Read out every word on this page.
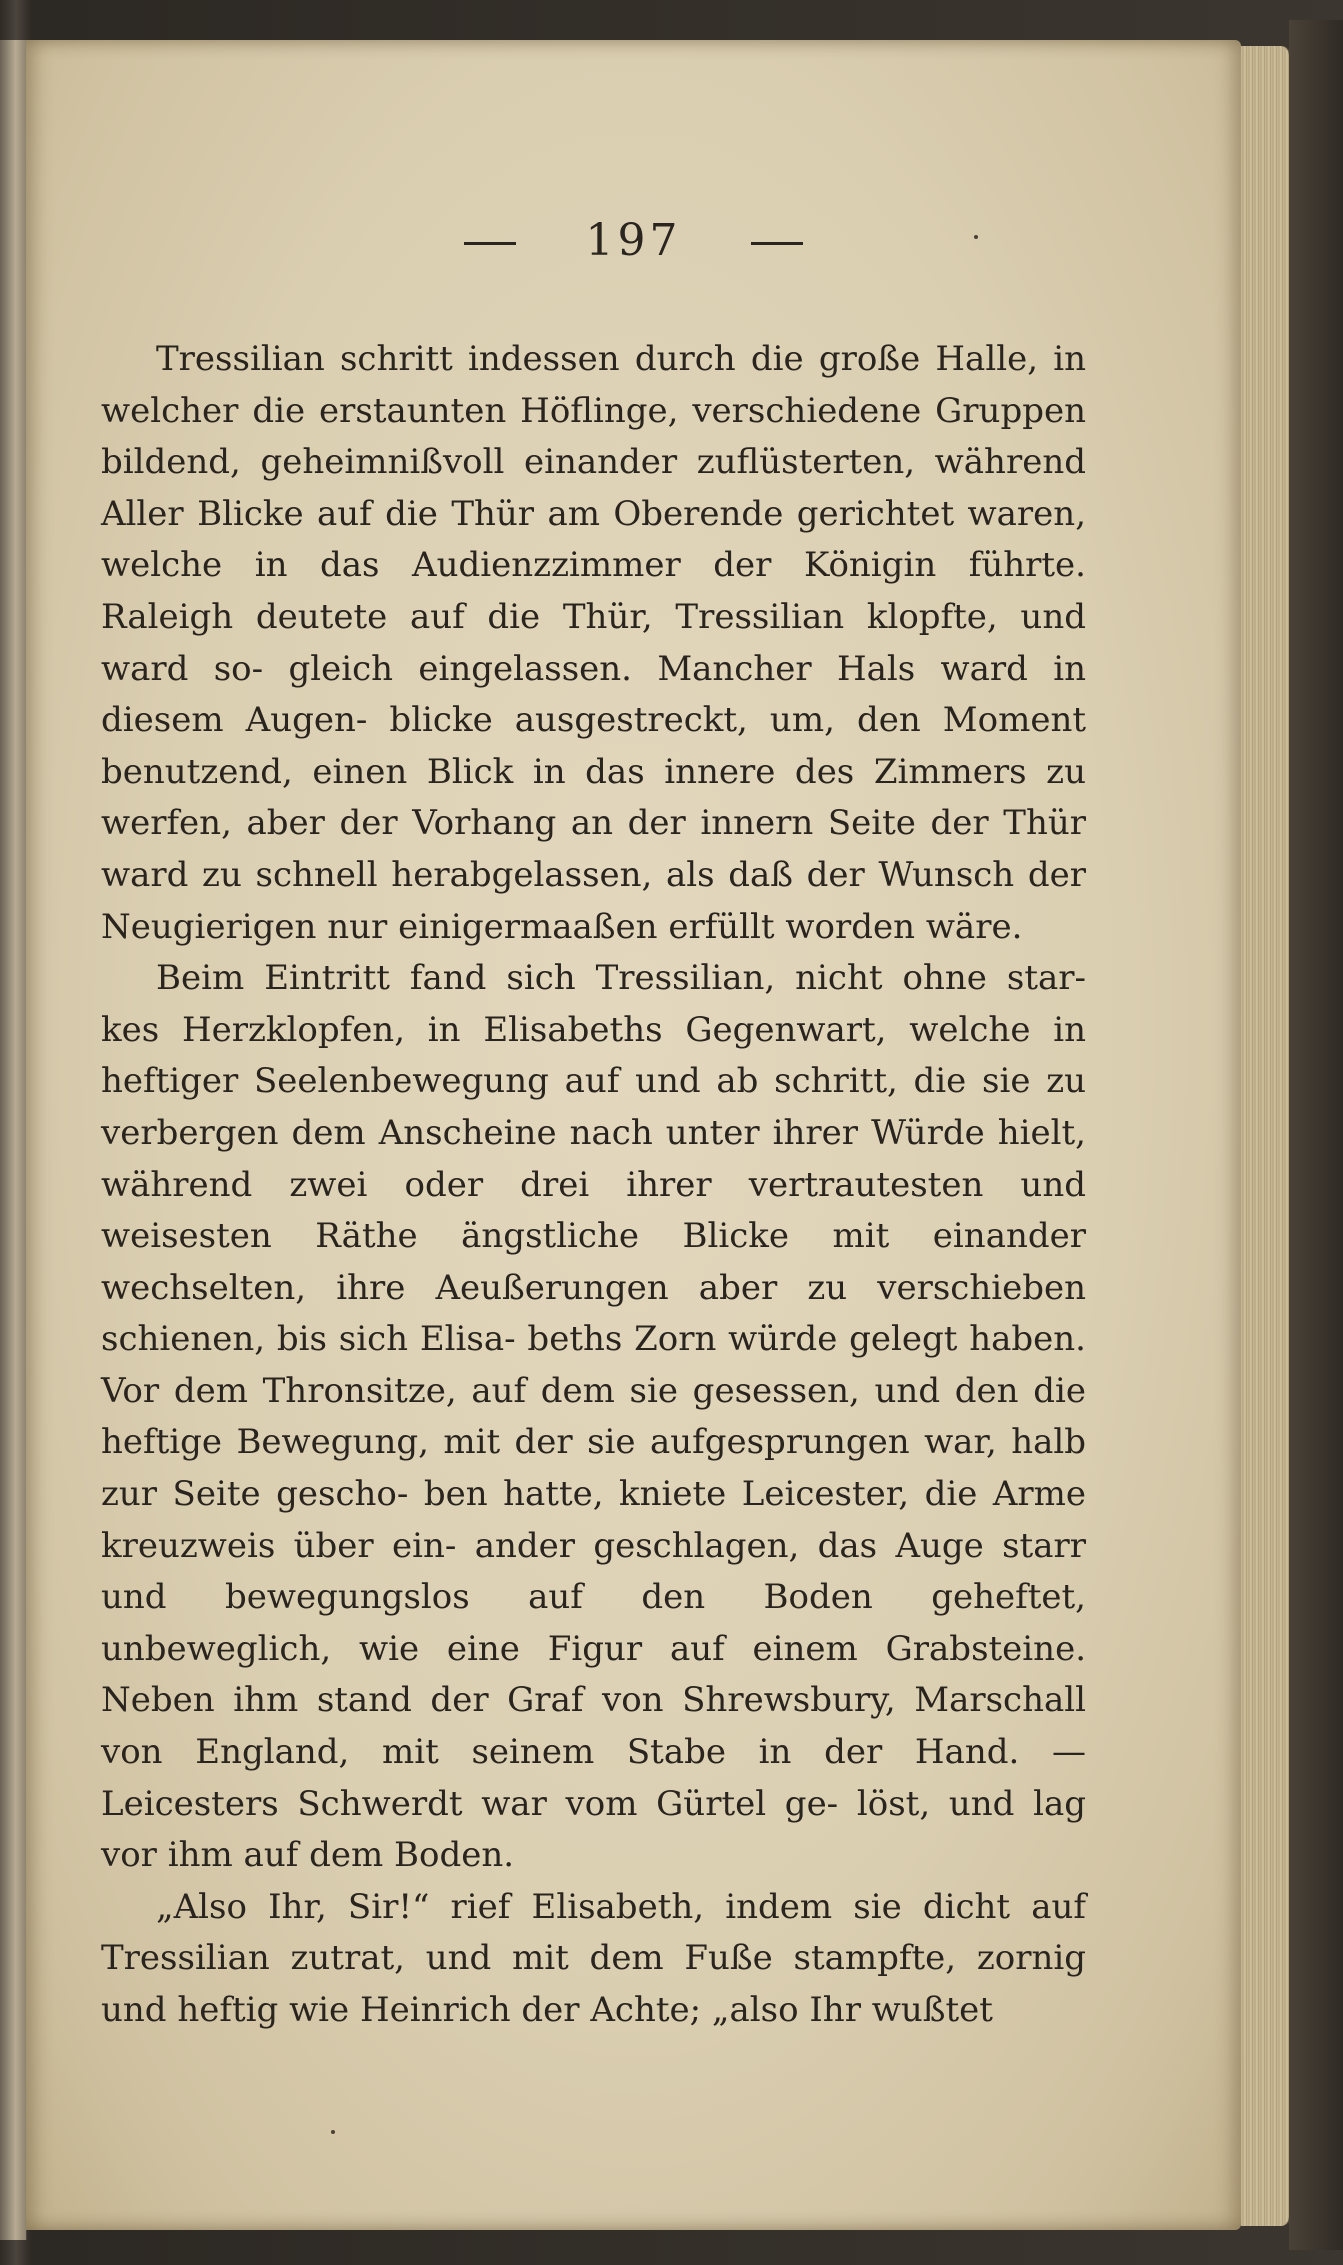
197

Tressilian schritt indessen durch die große Halle, in welcher die erstaunten Höflinge, verschiedene Gruppen bildend, geheimnißvoll einander zuflüsterten, während Aller Blicke auf die Thür am Oberende gerichtet waren, welche in das Audienzzimmer der Königin führte. Raleigh deutete auf die Thür, Tressilian klopfte, und ward so‑ gleich eingelassen. Mancher Hals ward in diesem Augen‑ blicke ausgestreckt, um, den Moment benutzend, einen Blick in das innere des Zimmers zu werfen, aber der Vorhang an der innern Seite der Thür ward zu schnell herabgelassen, als daß der Wunsch der Neugierigen nur einigermaaßen erfüllt worden wäre.

Beim Eintritt fand sich Tressilian, nicht ohne star‑ kes Herzklopfen, in Elisabeths Gegenwart, welche in heftiger Seelenbewegung auf und ab schritt, die sie zu verbergen dem Anscheine nach unter ihrer Würde hielt, während zwei oder drei ihrer vertrautesten und weisesten Räthe ängstliche Blicke mit einander wechselten, ihre Aeußerungen aber zu verschieben schienen, bis sich Elisa‑ beths Zorn würde gelegt haben. Vor dem Thronsitze, auf dem sie gesessen, und den die heftige Bewegung, mit der sie aufgesprungen war, halb zur Seite gescho‑ ben hatte, kniete Leicester, die Arme kreuzweis über ein‑ ander geschlagen, das Auge starr und bewegungslos auf den Boden geheftet, unbeweglich, wie eine Figur auf einem Grabsteine. Neben ihm stand der Graf von Shrewsbury, Marschall von England, mit seinem Stabe in der Hand. — Leicesters Schwerdt war vom Gürtel ge‑ löst, und lag vor ihm auf dem Boden.

„Also Ihr, Sir!“ rief Elisabeth, indem sie dicht auf Tressilian zutrat, und mit dem Fuße stampfte, zornig und heftig wie Heinrich der Achte; „also Ihr wußtet
